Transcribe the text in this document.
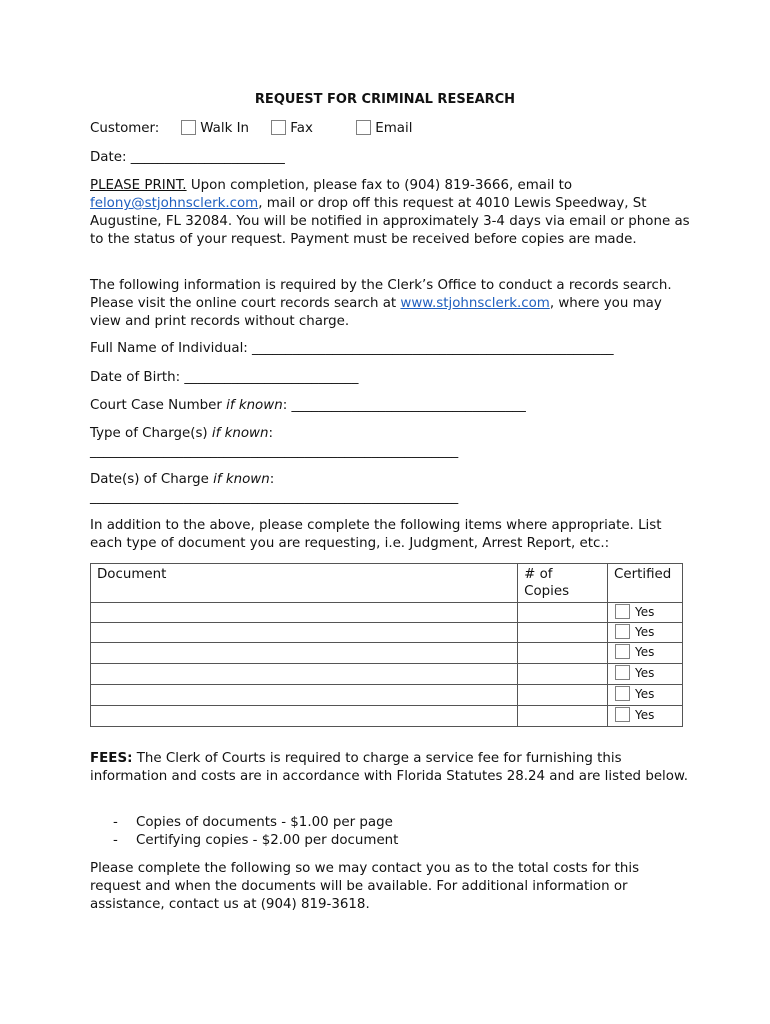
REQUEST FOR CRIMINAL RESEARCH
Customer:	Walk In	Fax	Email
Date: _______________________
PLEASE PRINT. Upon completion, please fax to (904) 819-3666, email to felony@stjohnsclerk.com, mail or drop off this request at 4010 Lewis Speedway, St Augustine, FL 32084. You will be notified in approximately 3-4 days via email or phone as to the status of your request. Payment must be received before copies are made.
The following information is required by the Clerk’s Office to conduct a records search. Please visit the online court records search at www.stjohnsclerk.com, where you may view and print records without charge.
Full Name of Individual: ______________________________________________________
Date of Birth: __________________________
Court Case Number if known: ___________________________________
Type of Charge(s) if known:
_______________________________________________________
Date(s) of Charge if known:
_______________________________________________________
In addition to the above, please complete the following items where appropriate. List each type of document you are requesting, i.e. Judgment, Arrest Report, etc.:
Document	# of Copies	Certified
		Yes
		Yes
		Yes
		Yes
		Yes
		Yes
FEES: The Clerk of Courts is required to charge a service fee for furnishing this information and costs are in accordance with Florida Statutes 28.24 and are listed below.
- Copies of documents - $1.00 per page
- Certifying copies - $2.00 per document
Please complete the following so we may contact you as to the total costs for this request and when the documents will be available. For additional information or assistance, contact us at (904) 819-3618.
